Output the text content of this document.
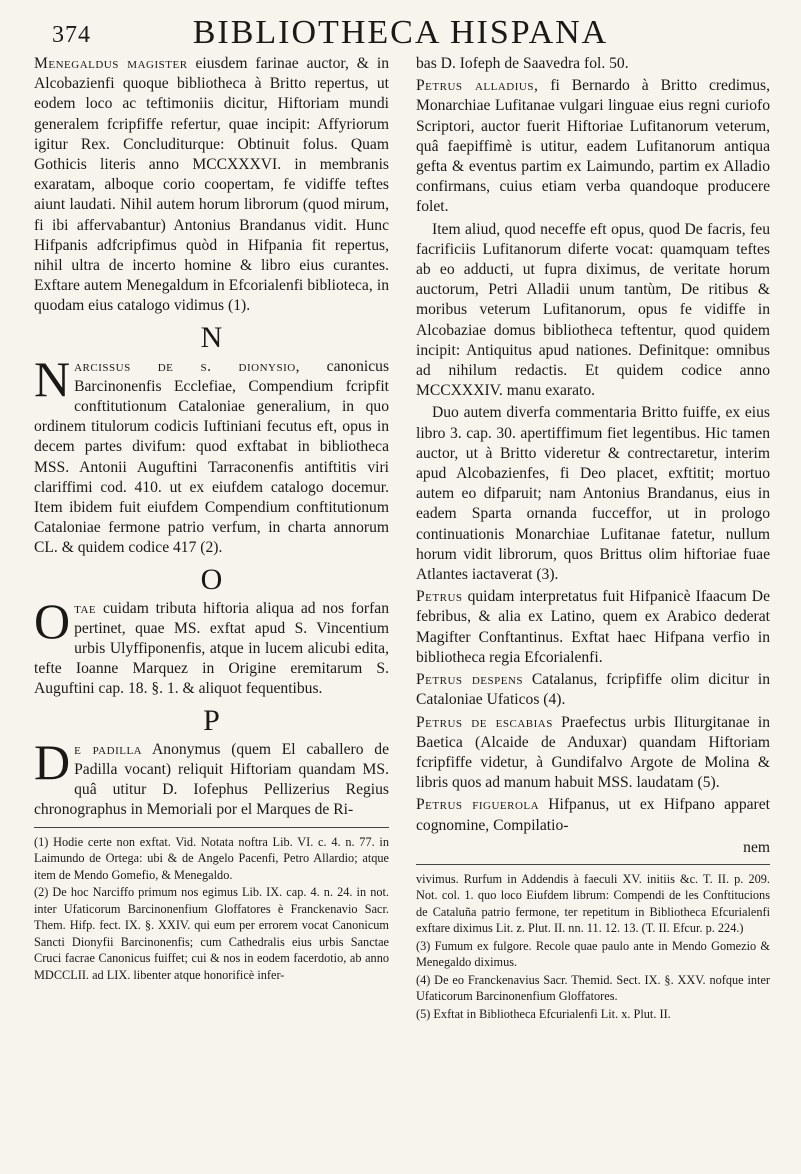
BIBLIOTHECA HISPANA
374

Menegaldus magister eiusdem farinae auctor, & in Alcobazienfi quoque bibliotheca à Britto repertus, ut eodem loco ac teftimoniis dicitur, Hiftoriam mundi generalem fcripfiffe refertur, quae incipit: Affyriorum igitur Rex. Concluditurque: Obtinuit folus. Quam Gothicis literis anno MCCXXXVI. in membranis exaratam, alboque corio coopertam, fe vidiffe teftes aiunt laudati. Nihil autem horum librorum (quod mirum, fi ibi affervabantur) Antonius Brandanus vidit. Hunc Hifpanis adfcripfimus quòd in Hifpania fit repertus, nihil ultra de incerto homine & libro eius curantes. Exftare autem Menegaldum in Efcorialenfi biblioteca, in quodam eius catalogo vidimus (1).

N

N arcissus de s. dionysio, canonicus Barcinonenfis Ecclefiae, Compendium fcripfit conftitutionum Cataloniae generalium, in quo ordinem titulorum codicis Iuftiniani fecutus eft, opus in decem partes divifum: quod exftabat in bibliotheca MSS. Antonii Auguftini Tarraconenfis antiftitis viri clariffimi cod. 410. ut ex eiufdem catalogo docemur. Item ibidem fuit eiufdem Compendium conftitutionum Cataloniae fermone patrio verfum, in charta annorum CL. & quidem codice 417 (2).

O

O tae cuidam tributa hiftoria aliqua ad nos forfan pertinet, quae MS. exftat apud S. Vincentium urbis Ulyffiponenfis, atque in lucem alicubi edita, tefte Ioanne Marquez in Origine eremitarum S. Auguftini cap. 18. §. 1. & aliquot fequentibus.

P

D e padilla Anonymus (quem El caballero de Padilla vocant) reliquit Hiftoriam quandam MS. quâ utitur D. Iofephus Pellizerius Regius chronographus in Memoriali por el Marques de Ri-

(1) Hodie certe non exftat. Vid. Notata noftra Lib. VI. c. 4. n. 77. in Laimundo de Ortega: ubi & de Angelo Pacenfi, Petro Allardio; atque item de Mendo Gomefio, & Menegaldo.

(2) De hoc Narciffo primum nos egimus Lib. IX. cap. 4. n. 24. in not. inter Ufaticorum Barcinonenfium Gloffatores è Franckenavio Sacr. Them. Hifp. fect. IX. §. XXIV. qui eum per errorem vocat Canonicum Sancti Dionyfii Barcinonenfis; cum Cathedralis eius urbis Sanctae Cruci facrae Canonicus fuiffet; cui & nos in eodem facerdotio, ab anno MDCCLII. ad LIX. libenter atque honorificè infer-

bas D. Iofeph de Saavedra fol. 50.

Petrus alladius, fi Bernardo à Britto credimus, Monarchiae Lufitanae vulgari linguae eius regni curiofo Scriptori, auctor fuerit Hiftoriae Lufitanorum veterum, quâ faepiffimè is utitur, eadem Lufitanorum antiqua gefta & eventus partim ex Laimundo, partim ex Alladio confirmans, cuius etiam verba quandoque producere folet.

Item aliud, quod neceffe eft opus, quod De facris, feu facrificiis Lufitanorum diferte vocat: quamquam teftes ab eo adducti, ut fupra diximus, de veritate horum auctorum, Petri Alladii unum tantùm, De ritibus & moribus veterum Lufitanorum, opus fe vidiffe in Alcobaziae domus bibliotheca teftentur, quod quidem incipit: Antiquitus apud nationes. Definitque: omnibus ad nihilum redactis. Et quidem codice anno MCCXXXIV. manu exarato.

Duo autem diverfa commentaria Britto fuiffe, ex eius libro 3. cap. 30. apertiffimum fiet legentibus. Hic tamen auctor, ut à Britto videretur & contrectaretur, interim apud Alcobazienfes, fi Deo placet, exftitit; mortuo autem eo difparuit; nam Antonius Brandanus, eius in eadem Sparta ornanda fucceffor, ut in prologo continuationis Monarchiae Lufitanae fatetur, nullum horum vidit librorum, quos Brittus olim hiftoriae fuae Atlantes iactaverat (3).

Petrus quidam interpretatus fuit Hifpanicè Ifaacum De febribus, & alia ex Latino, quem ex Arabico dederat Magifter Conftantinus. Exftat haec Hifpana verfio in bibliotheca regia Efcorialenfi.

Petrus despens Catalanus, fcripfiffe olim dicitur in Cataloniae Ufaticos (4).

Petrus de escabias Praefectus urbis Iliturgitanae in Baetica (Alcaide de Anduxar) quandam Hiftoriam fcripfiffe videtur, à Gundifalvo Argote de Molina & libris quos ad manum habuit MSS. laudatam (5).

Petrus figuerola Hifpanus, ut ex Hifpano apparet cognomine, Compilatio-

nem

vivimus. Rurfum in Addendis à faeculi XV. initiis &c. T. II. p. 209. Not. col. 1. quo loco Eiufdem librum: Compendi de les Conftitucions de Cataluña patrio fermone, ter repetitum in Bibliotheca Efcurialenfi exftare diximus Lit. z. Plut. II. nn. 11. 12. 13. (T. II. Efcur. p. 224.)

(3) Fumum ex fulgore. Recole quae paulo ante in Mendo Gomezio & Menegaldo diximus.

(4) De eo Franckenavius Sacr. Themid. Sect. IX. §. XXV. nofque inter Ufaticorum Barcinonenfium Gloffatores.

(5) Exftat in Bibliotheca Efcurialenfi Lit. x. Plut. II.
